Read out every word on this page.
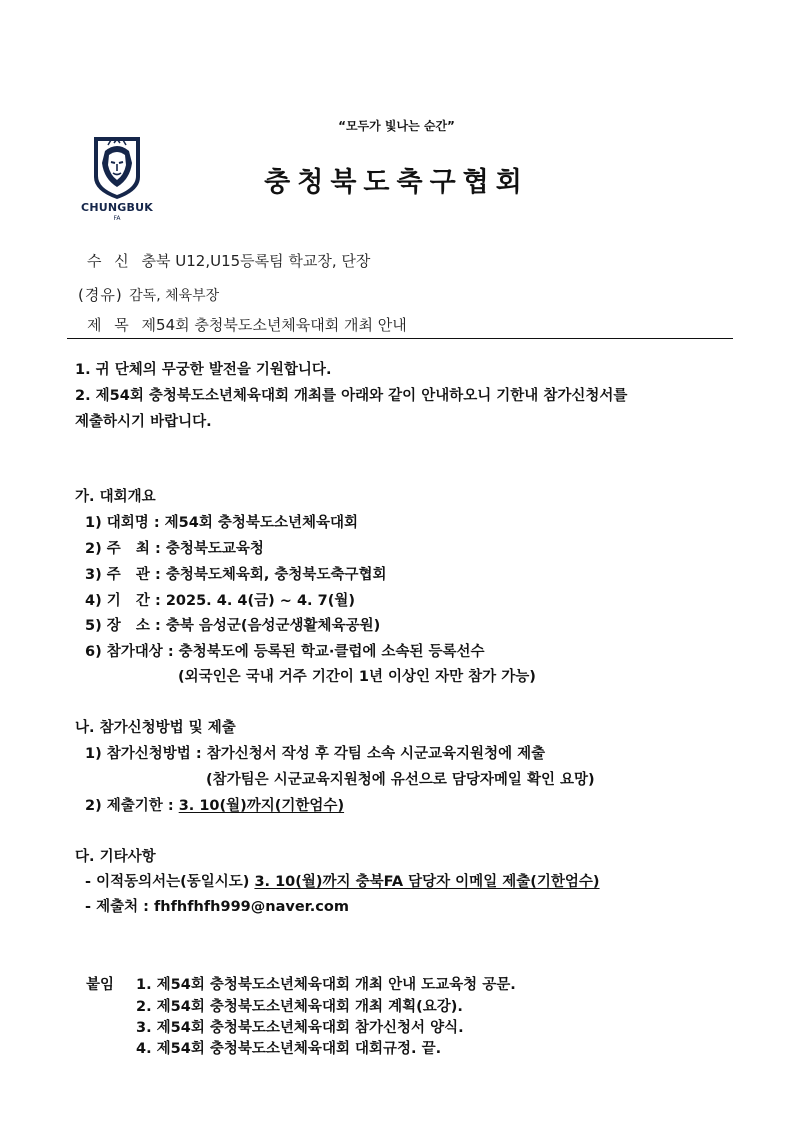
“모두가 빛나는 순간”
CHUNGBUK
FA
충청북도축구협회
수 신 충북 U12,U15등록팀 학교장, 단장
(경유) 감독, 체육부장
제 목 제54회 충청북도소년체육대회 개최 안내
1. 귀 단체의 무궁한 발전을 기원합니다.
2. 제54회 충청북도소년체육대회 개최를 아래와 같이 안내하오니 기한내 참가신청서를
제출하시기 바랍니다.
가. 대회개요
1) 대회명 : 제54회 충청북도소년체육대회
2) 주   최 : 충청북도교육청
3) 주   관 : 충청북도체육회, 충청북도축구협회
4) 기   간 : 2025. 4. 4(금) ~ 4. 7(월)
5) 장   소 : 충북 음성군(음성군생활체육공원)
6) 참가대상 : 충청북도에 등록된 학교·클럽에 소속된 등록선수
(외국인은 국내 거주 기간이 1년 이상인 자만 참가 가능)
나. 참가신청방법 및 제출
1) 참가신청방법 : 참가신청서 작성 후 각팀 소속 시군교육지원청에 제출
(참가팀은 시군교육지원청에 유선으로 담당자메일 확인 요망)
2) 제출기한 : 3. 10(월)까지(기한엄수)
다. 기타사항
- 이적동의서는(동일시도) 3. 10(월)까지 충북FA 담당자 이메일 제출(기한엄수)
- 제출처 : fhfhfhfh999@naver.com
붙임 1. 제54회 충청북도소년체육대회 개최 안내 도교육청 공문.
2. 제54회 충청북도소년체육대회 개최 계획(요강).
3. 제54회 충청북도소년체육대회 참가신청서 양식.
4. 제54회 충청북도소년체육대회 대회규정. 끝.
